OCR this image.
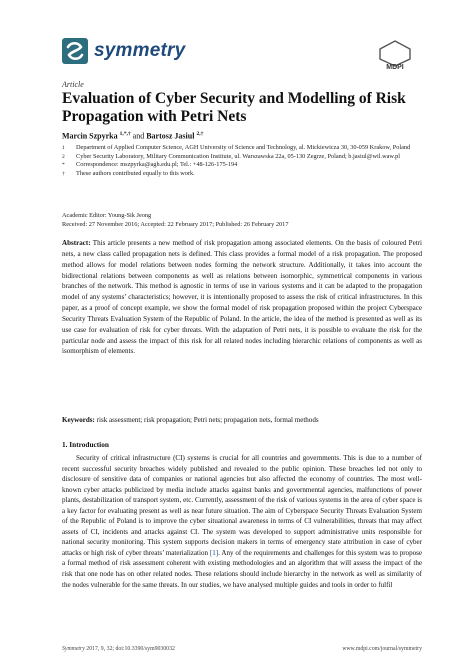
symmetry
MDPI
Article
Evaluation of Cyber Security and Modelling of Risk Propagation with Petri Nets
Marcin Szpyrka $^{1,*,\dagger}$ and Bartosz Jasiul $^{2,\dagger}$
1	Department of Applied Computer Science, AGH University of Science and Technology, al. Mickiewicza 30, 30-059 Krakow, Poland
2	Cyber Security Laboratory, Military Communication Institute, ul. Warszawska 22a, 05-130 Zegrze, Poland; b.jasiul@wil.waw.pl
*	Correspondence: mszpyrka@agh.edu.pl; Tel.: +48-126-175-194
†	These authors contributed equally to this work.
Academic Editor: Young-Sik Jeong
Received: 27 November 2016; Accepted: 22 February 2017; Published: 26 February 2017
Abstract: This article presents a new method of risk propagation among associated elements. On the basis of coloured Petri nets, a new class called propagation nets is defined. This class provides a formal model of a risk propagation. The proposed method allows for model relations between nodes forming the network structure. Additionally, it takes into account the bidirectional relations between components as well as relations between isomorphic, symmetrical components in various branches of the network. This method is agnostic in terms of use in various systems and it can be adapted to the propagation model of any systems’ characteristics; however, it is intentionally proposed to assess the risk of critical infrastructures. In this paper, as a proof of concept example, we show the formal model of risk propagation proposed within the project Cyberspace Security Threats Evaluation System of the Republic of Poland. In the article, the idea of the method is presented as well as its use case for evaluation of risk for cyber threats. With the adaptation of Petri nets, it is possible to evaluate the risk for the particular node and assess the impact of this risk for all related nodes including hierarchic relations of components as well as isomorphism of elements.
Keywords: risk assessment; risk propagation; Petri nets; propagation nets, formal methods
1. Introduction
Security of critical infrastructure (CI) systems is crucial for all countries and governments. This is due to a number of recent successful security breaches widely published and revealed to the public opinion. These breaches led not only to disclosure of sensitive data of companies or national agencies but also affected the economy of countries. The most well-known cyber attacks publicized by media include attacks against banks and governmental agencies, malfunctions of power plants, destabilization of transport system, etc. Currently, assessment of the risk of various systems in the area of cyber space is a key factor for evaluating present as well as near future situation. The aim of Cyberspace Security Threats Evaluation System of the Republic of Poland is to improve the cyber situational awareness in terms of CI vulnerabilities, threats that may affect assets of CI, incidents and attacks against CI. The system was developed to support administrative units responsible for national security monitoring. This system supports decision makers in terms of emergency state attribution in case of cyber attacks or high risk of cyber threats’ materialization [1]. Any of the requirements and challenges for this system was to propose a formal method of risk assessment coherent with existing methodologies and an algorithm that will assess the impact of the risk that one node has on other related nodes. These relations should include hierarchy in the network as well as similarity of the nodes vulnerable for the same threats. In our studies, we have analysed multiple guides and tools in order to fulfil
Symmetry 2017, 9, 32; doi:10.3390/sym9030032	www.mdpi.com/journal/symmetry
